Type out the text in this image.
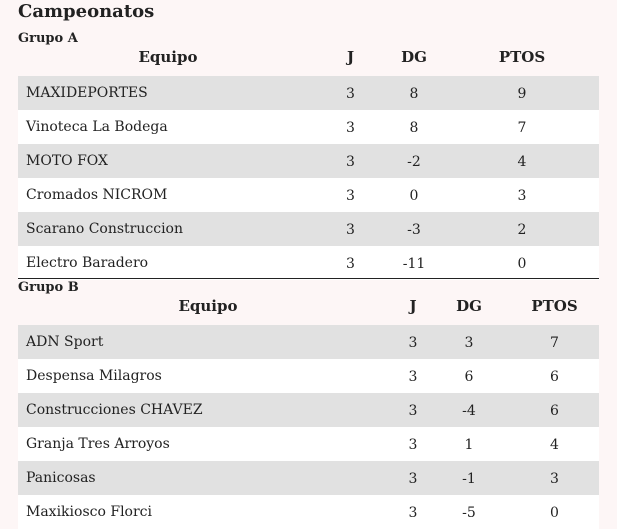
Campeonatos
Grupo A
Equipo	J	DG	PTOS
MAXIDEPORTES	3	8	9
Vinoteca La Bodega	3	8	7
MOTO FOX	3	-2	4
Cromados NICROM	3	0	3
Scarano Construccion	3	-3	2
Electro Baradero	3	-11	0
Grupo B
Equipo	J	DG	PTOS
ADN Sport	3	3	7
Despensa Milagros	3	6	6
Construcciones CHAVEZ	3	-4	6
Granja Tres Arroyos	3	1	4
Panicosas	3	-1	3
Maxikiosco Florci	3	-5	0
